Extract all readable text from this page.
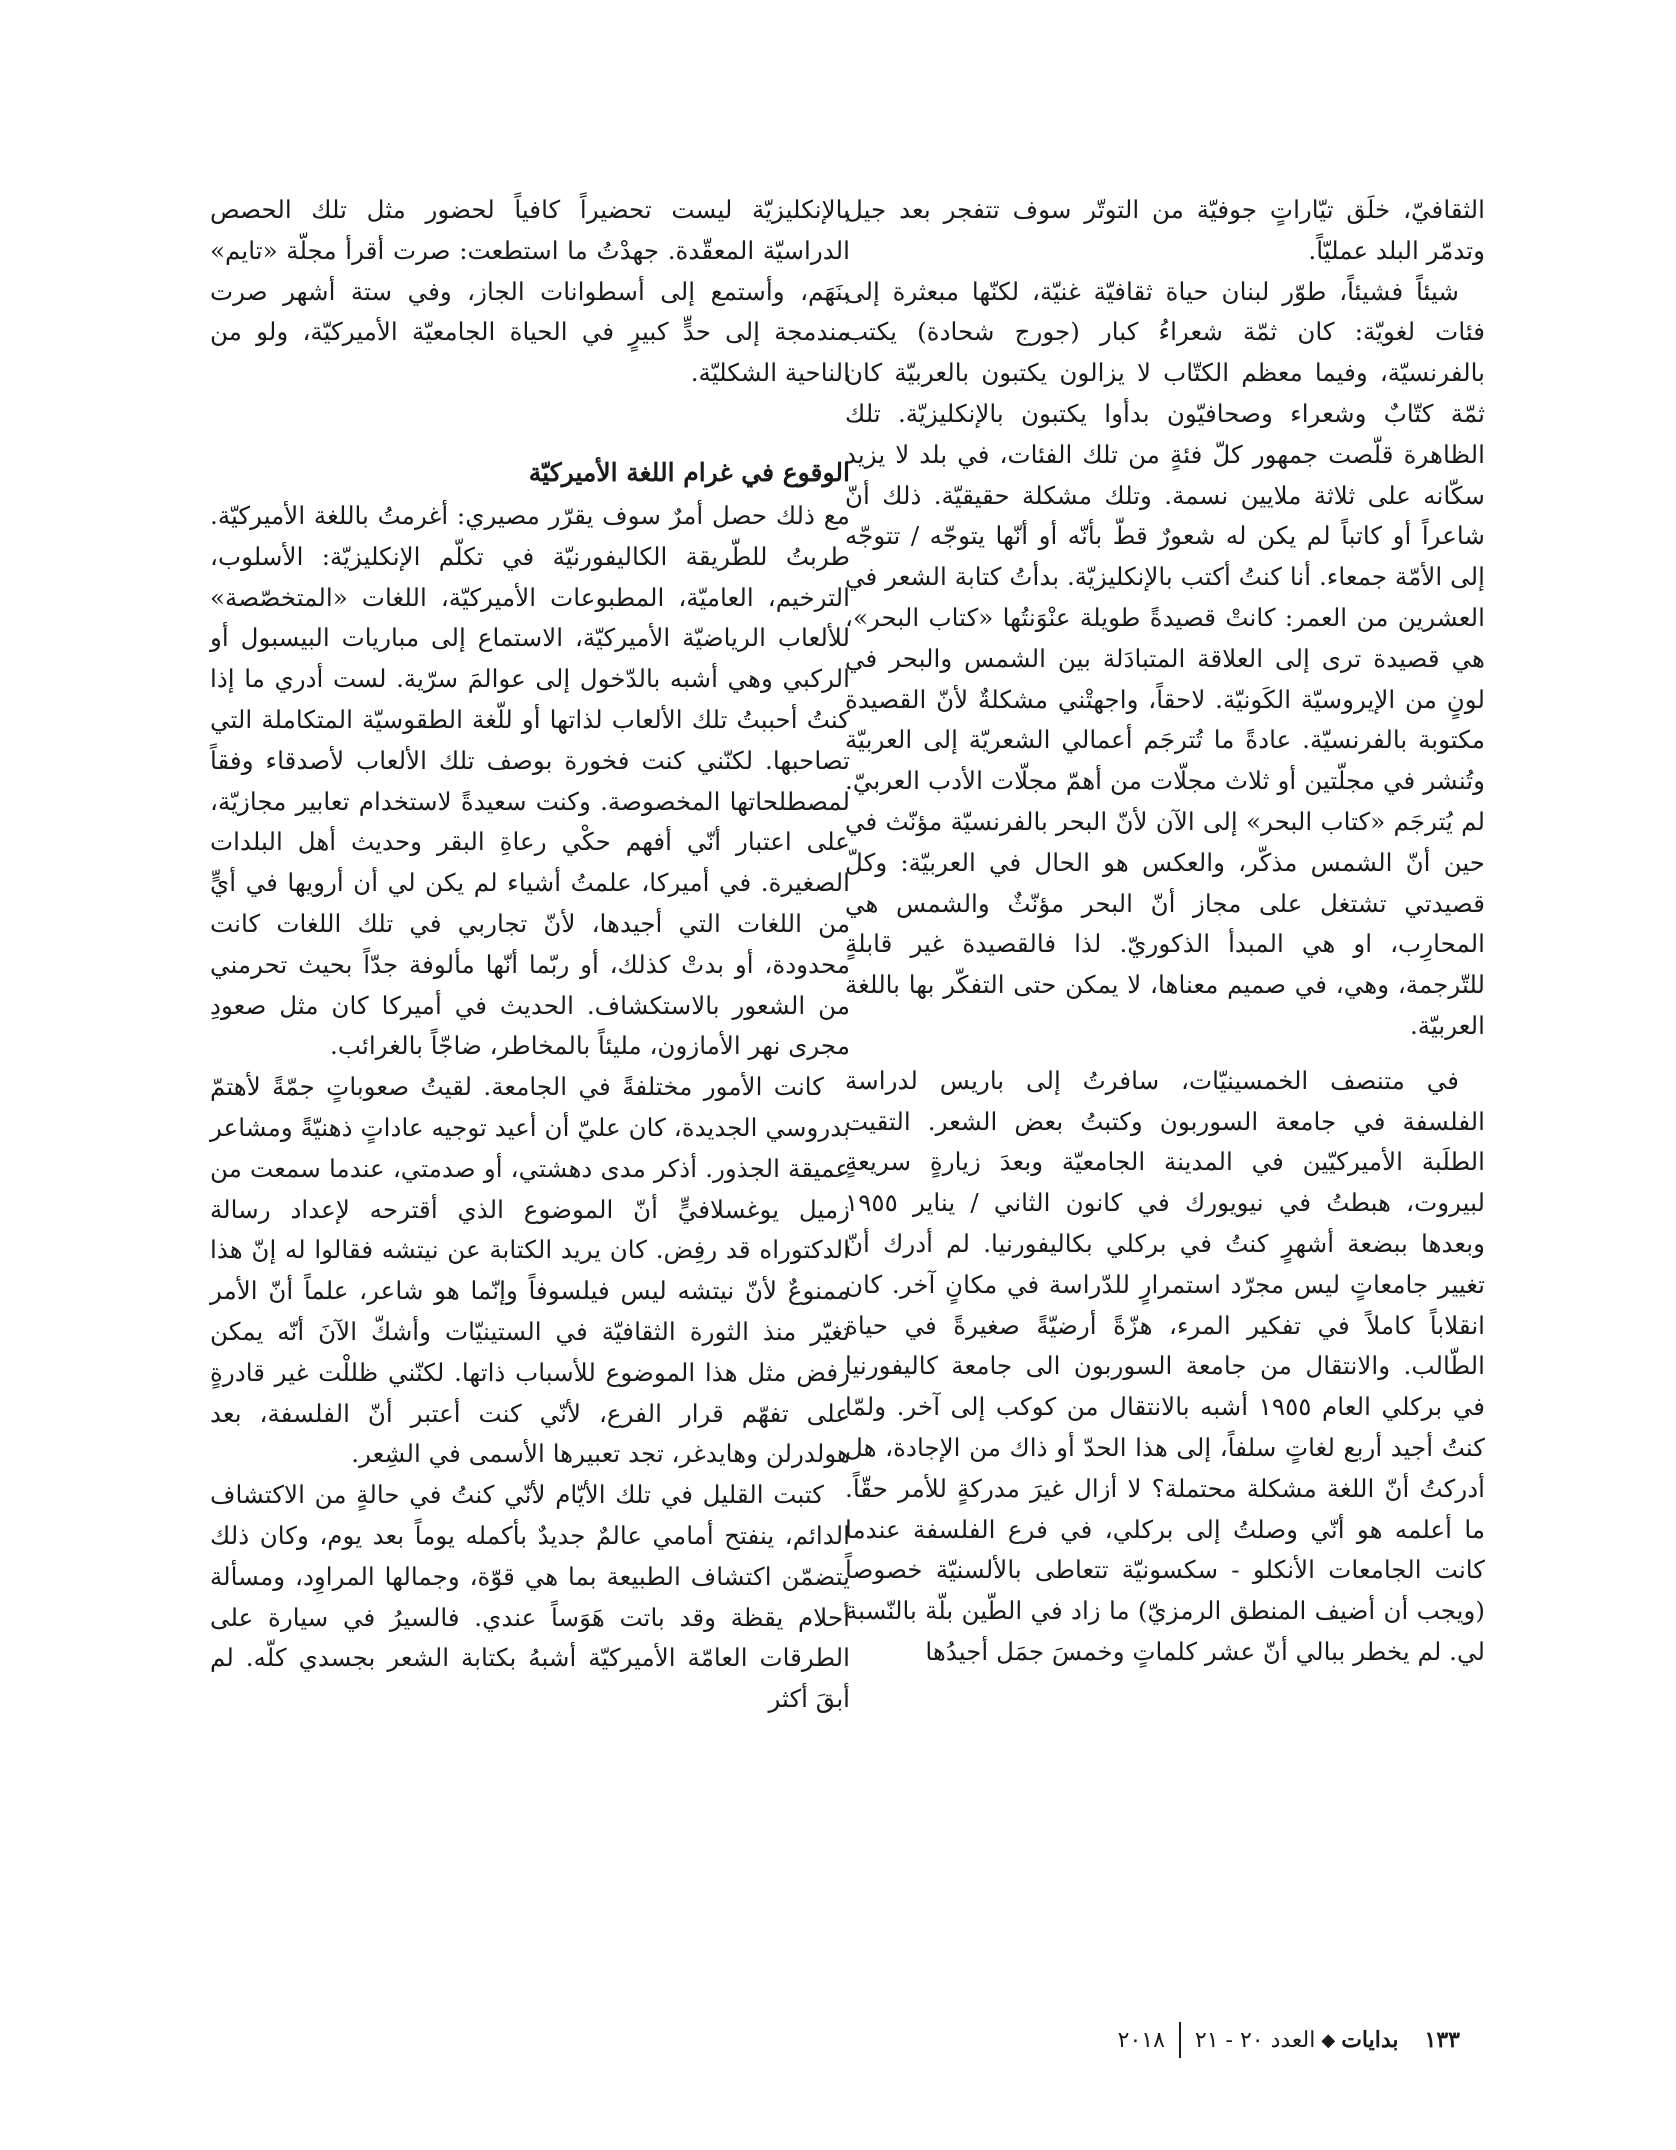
الثقافيّ، خلَق تيّاراتٍ جوفيّة من التوتّر سوف تتفجر بعد جيل وتدمّر البلد عمليّاً.

شيئاً فشيئاً، طوّر لبنان حياة ثقافيّة غنيّة، لكنّها مبعثرة إلى فئات لغويّة: كان ثمّة شعراءُ كبار (جورج شحادة) يكتب بالفرنسيّة، وفيما معظم الكتّاب لا يزالون يكتبون بالعربيّة كان ثمّة كتّابٌ وشعراء وصحافيّون بدأوا يكتبون بالإنكليزيّة. تلك الظاهرة قلّصت جمهور كلّ فئةٍ من تلك الفئات، في بلد لا يزيد سكّانه على ثلاثة ملايين نسمة. وتلك مشكلة حقيقيّة. ذلك أنّ شاعراً أو كاتباً لم يكن له شعورٌ قطّ بأنّه أو أنّها يتوجّه / تتوجّه إلى الأمّة جمعاء. أنا كنتُ أكتب بالإنكليزيّة. بدأتُ كتابة الشعر في العشرين من العمر: كانتْ قصيدةً طويلة عنْوَنتُها «كتاب البحر»، هي قصيدة ترى إلى العلاقة المتبادَلة بين الشمس والبحر في لونٍ من الإيروسيّة الكَونيّة. لاحقاً، واجهتْني مشكلةٌ لأنّ القصيدة مكتوبة بالفرنسيّة. عادةً ما تُترجَم أعمالي الشعريّة إلى العربيّة وتُنشر في مجلّتين أو ثلاث مجلّات من أهمّ مجلّات الأدب العربيّ. لم يُترجَم «كتاب البحر» إلى الآن لأنّ البحر بالفرنسيّة مؤنّث في حين أنّ الشمس مذكّر، والعكس هو الحال في العربيّة: وكلّ قصيدتي تشتغل على مجاز أنّ البحر مؤنّثٌ والشمس هي المحارِب، او هي المبدأ الذكوريّ. لذا فالقصيدة غير قابلةٍ للتّرجمة، وهي، في صميم معناها، لا يمكن حتى التفكّر بها باللغة العربيّة.

في متنصف الخمسينيّات، سافرتُ إلى باريس لدراسة الفلسفة في جامعة السوربون وكتبتُ بعض الشعر. التقيت الطلَبة الأميركيّين في المدينة الجامعيّة وبعدَ زيارةٍ سريعةٍ لبيروت، هبطتُ في نيويورك في كانون الثاني / يناير ١٩٥٥ وبعدها ببضعة أشهرٍ كنتُ في بركلي بكاليفورنيا. لم أدرك أنّ تغيير جامعاتٍ ليس مجرّد استمرارٍ للدّراسة في مكانٍ آخر. كان انقلاباً كاملاً في تفكير المرء، هزّةً أرضيّةً صغيرةً في حياة الطّالب. والانتقال من جامعة السوربون الى جامعة كاليفورنيا في بركلي العام ١٩٥٥ أشبه بالانتقال من كوكب إلى آخر. ولمّا كنتُ أجيد أربع لغاتٍ سلفاً، إلى هذا الحدّ أو ذاك من الإجادة، هل أدركتُ أنّ اللغة مشكلة محتملة؟ لا أزال غيرَ مدركةٍ للأمر حقّاً. ما أعلمه هو أنّي وصلتُ إلى بركلي، في فرع الفلسفة عندما كانت الجامعات الأنكلو - سكسونيّة تتعاطى بالألسنيّة خصوصاً (ويجب أن أضيف المنطق الرمزيّ) ما زاد في الطّين بلّة بالنّسبة لي. لم يخطر ببالي أنّ عشر كلماتٍ وخمسَ جمَل أجيدُها

بالإنكليزيّة ليست تحضيراً كافياً لحضور مثل تلك الحصص الدراسيّة المعقّدة. جهدْتُ ما استطعت: صرت أقرأ مجلّة «تايم» بنَهَم، وأستمع إلى أسطوانات الجاز، وفي ستة أشهر صرت مندمجة إلى حدٍّ كبيرٍ في الحياة الجامعيّة الأميركيّة، ولو من الناحية الشكليّة.

الوقوع في غرام اللغة الأميركيّة

مع ذلك حصل أمرٌ سوف يقرّر مصيري: أغرمتُ باللغة الأميركيّة. طربتُ للطّريقة الكاليفورنيّة في تكلّم الإنكليزيّة: الأسلوب، الترخيم، العاميّة، المطبوعات الأميركيّة، اللغات «المتخصّصة» للألعاب الرياضيّة الأميركيّة، الاستماع إلى مباريات البيسبول أو الركبي وهي أشبه بالدّخول إلى عوالمَ سرّية. لست أدري ما إذا كنتُ أحببتُ تلك الألعاب لذاتها أو للّغة الطقوسيّة المتكاملة التي تصاحبها. لكنّني كنت فخورة بوصف تلك الألعاب لأصدقاء وفقاً لمصطلحاتها المخصوصة. وكنت سعيدةً لاستخدام تعابير مجازيّة، على اعتبار أنّي أفهم حكْي رعاةِ البقر وحديث أهل البلدات الصغيرة. في أميركا، علمتُ أشياء لم يكن لي أن أرويها في أيٍّ من اللغات التي أجيدها، لأنّ تجاربي في تلك اللغات كانت محدودة، أو بدتْ كذلك، أو ربّما أنّها مألوفة جدّاً بحيث تحرمني من الشعور بالاستكشاف. الحديث في أميركا كان مثل صعودِ مجرى نهر الأمازون، مليئاً بالمخاطر، ضاجّاً بالغرائب.

كانت الأمور مختلفةً في الجامعة. لقيتُ صعوباتٍ جمّةً لأهتمّ بدروسي الجديدة، كان عليّ أن أعيد توجيه عاداتٍ ذهنيّةً ومشاعر عميقة الجذور. أذكر مدى دهشتي، أو صدمتي، عندما سمعت من زميل يوغسلافيٍّ أنّ الموضوع الذي أقترحه لإعداد رسالة الدكتوراه قد رفِض. كان يريد الكتابة عن نيتشه فقالوا له إنّ هذا ممنوعٌ لأنّ نيتشه ليس فيلسوفاً وإنّما هو شاعر، علماً أنّ الأمر تغيّر منذ الثورة الثقافيّة في الستينيّات وأشكّ الآنَ أنّه يمكن رفض مثل هذا الموضوع للأسباب ذاتها. لكنّني ظللْت غير قادرةٍ على تفهّم قرار الفرع، لأنّي كنت أعتبر أنّ الفلسفة، بعد هولدرلن وهايدغر، تجد تعبيرها الأسمى في الشِعر.

كتبت القليل في تلك الأيّام لأنّي كنتُ في حالةٍ من الاكتشاف الدائم، ينفتح أمامي عالمٌ جديدٌ بأكمله يوماً بعد يوم، وكان ذلك يتضمّن اكتشاف الطبيعة بما هي قوّة، وجمالها المراوِد، ومسألة أحلام يقظة وقد باتت هَوَساً عندي. فالسيرُ في سيارة على الطرقات العامّة الأميركيّة أشبهُ بكتابة الشعر بجسدي كلّه. لم أبقَ أكثر

١٣٣
بدايات
◆
العدد ٢٠ - ٢١
٢٠١٨
